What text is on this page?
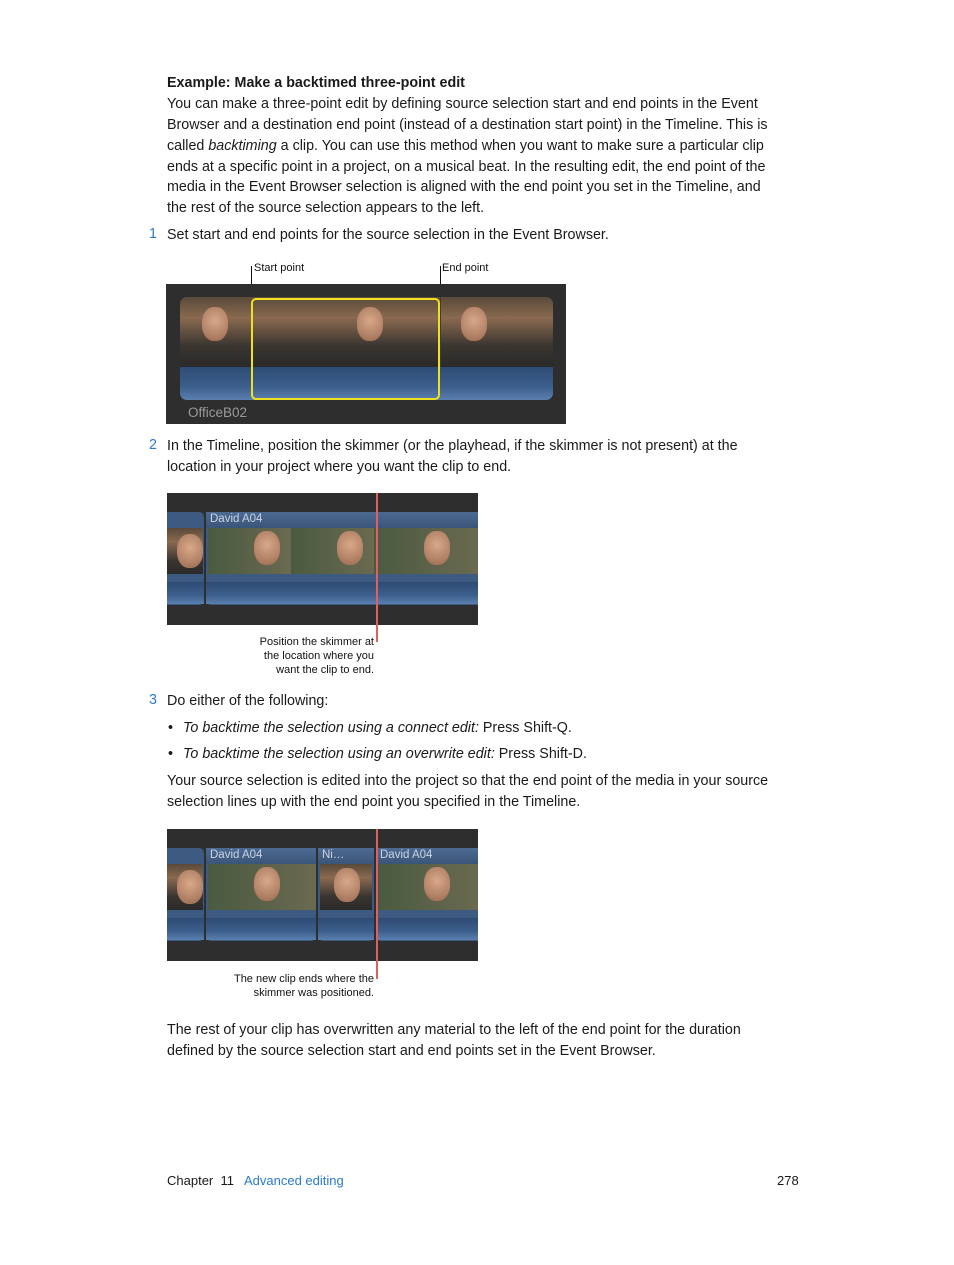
Example: Make a backtimed three-point edit
You can make a three-point edit by defining source selection start and end points in the Event
Browser and a destination end point (instead of a destination start point) in the Timeline. This is
called backtiming a clip. You can use this method when you want to make sure a particular clip
ends at a specific point in a project, on a musical beat. In the resulting edit, the end point of the
media in the Event Browser selection is aligned with the end point you set in the Timeline, and
the rest of the source selection appears to the left.
1 Set start and end points for the source selection in the Event Browser.
Start point	End point
OfficeB02
2 In the Timeline, position the skimmer (or the playhead, if the skimmer is not present) at the
location in your project where you want the clip to end.
David A04
Position the skimmer at
the location where you
want the clip to end.
3 Do either of the following:
• To backtime the selection using a connect edit: Press Shift-Q.
• To backtime the selection using an overwrite edit: Press Shift-D.
Your source selection is edited into the project so that the end point of the media in your source
selection lines up with the end point you specified in the Timeline.
David A04	Ni…	David A04
The new clip ends where the
skimmer was positioned.
The rest of your clip has overwritten any material to the left of the end point for the duration
defined by the source selection start and end points set in the Event Browser.
Chapter  11 Advanced editing	278
